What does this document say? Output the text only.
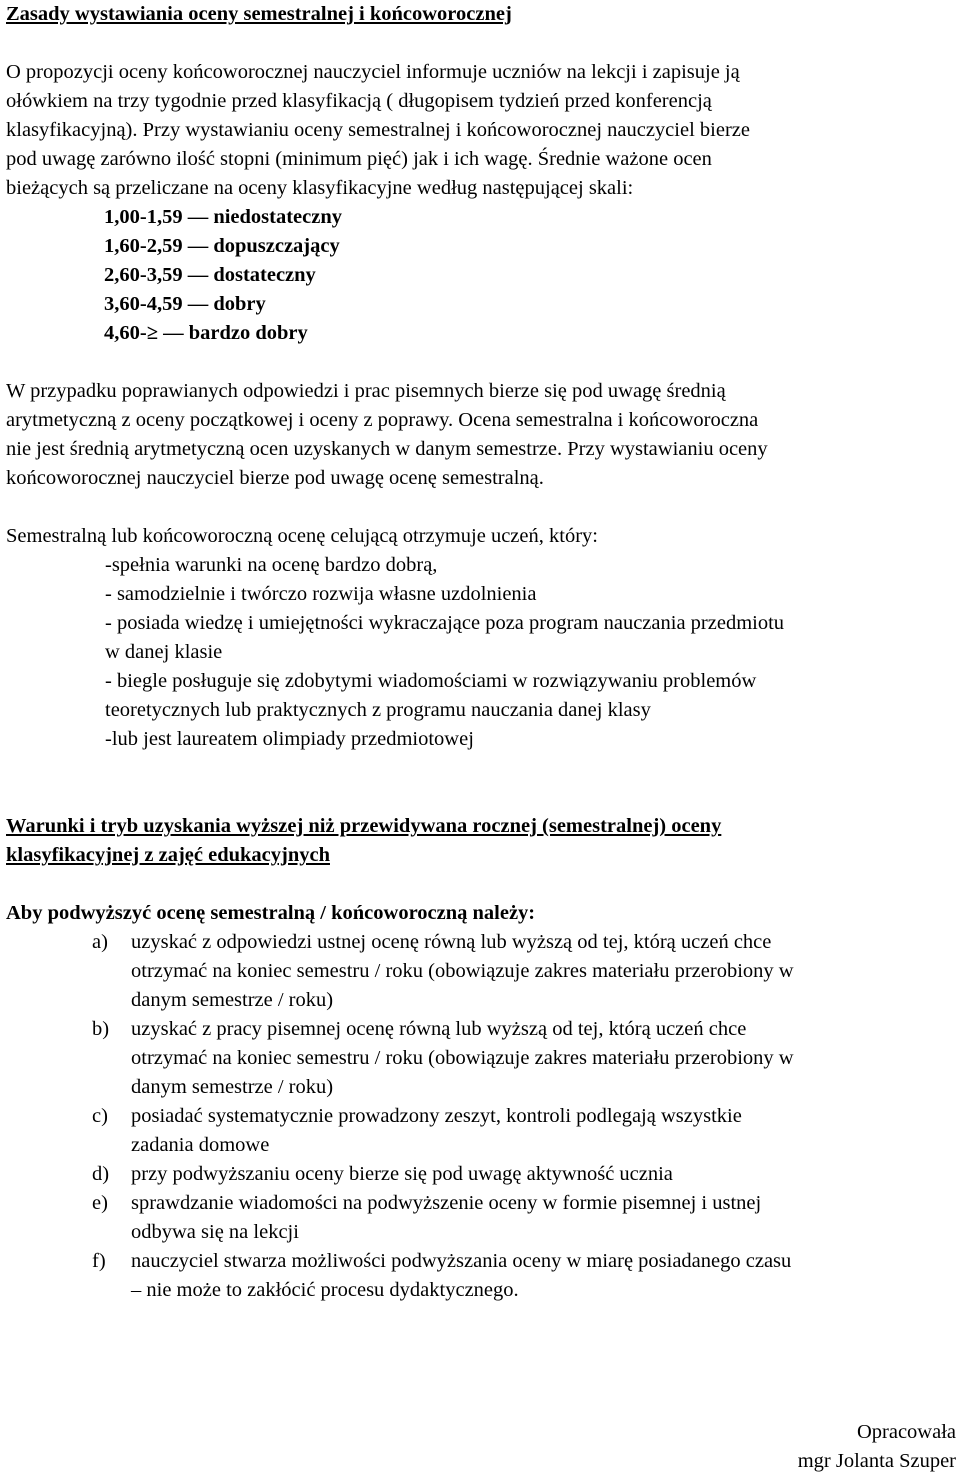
Zasady wystawiania oceny semestralnej i końcoworocznej

O propozycji oceny końcoworocznej nauczyciel informuje uczniów na lekcji i zapisuje ją
ołówkiem na trzy tygodnie przed klasyfikacją ( długopisem tydzień przed konferencją
klasyfikacyjną). Przy wystawianiu oceny semestralnej i końcoworocznej nauczyciel bierze
pod uwagę zarówno ilość stopni (minimum pięć) jak i ich wagę. Średnie ważone ocen
bieżących są przeliczane na oceny klasyfikacyjne według następującej skali:
1,00-1,59 — niedostateczny
1,60-2,59 — dopuszczający
2,60-3,59 — dostateczny
3,60-4,59 — dobry
4,60-≥ — bardzo dobry
W przypadku poprawianych odpowiedzi i prac pisemnych bierze się pod uwagę średnią
arytmetyczną z oceny początkowej i oceny z poprawy. Ocena semestralna i końcoworoczna
nie jest średnią arytmetyczną ocen uzyskanych w danym semestrze. Przy wystawianiu oceny
końcoworocznej nauczyciel bierze pod uwagę ocenę semestralną.
Semestralną lub końcoworoczną ocenę celującą otrzymuje uczeń, który:
-spełnia warunki na ocenę bardzo dobrą,
- samodzielnie i twórczo rozwija własne uzdolnienia
- posiada wiedzę i umiejętności wykraczające poza program nauczania przedmiotu
w danej klasie
- biegle posługuje się zdobytymi wiadomościami w rozwiązywaniu problemów
teoretycznych lub praktycznych z programu nauczania danej klasy
-lub jest laureatem olimpiady przedmiotowej
Warunki i tryb uzyskania wyższej niż przewidywana rocznej (semestralnej) oceny
klasyfikacyjnej z zajęć edukacyjnych
Aby podwyższyć ocenę semestralną / końcoworoczną należy:
a) uzyskać z odpowiedzi ustnej ocenę równą lub wyższą od tej, którą uczeń chce
otrzymać na koniec semestru / roku (obowiązuje zakres materiału przerobiony w
danym semestrze / roku)
b) uzyskać z pracy pisemnej ocenę równą lub wyższą od tej, którą uczeń chce
otrzymać na koniec semestru / roku (obowiązuje zakres materiału przerobiony w
danym semestrze / roku)
c) posiadać systematycznie prowadzony zeszyt, kontroli podlegają wszystkie
zadania domowe
d) przy podwyższaniu oceny bierze się pod uwagę aktywność ucznia
e) sprawdzanie wiadomości na podwyższenie oceny w formie pisemnej i ustnej
odbywa się na lekcji
f) nauczyciel stwarza możliwości podwyższania oceny w miarę posiadanego czasu
– nie może to zakłócić procesu dydaktycznego.
Opracowała
mgr Jolanta Szuper
